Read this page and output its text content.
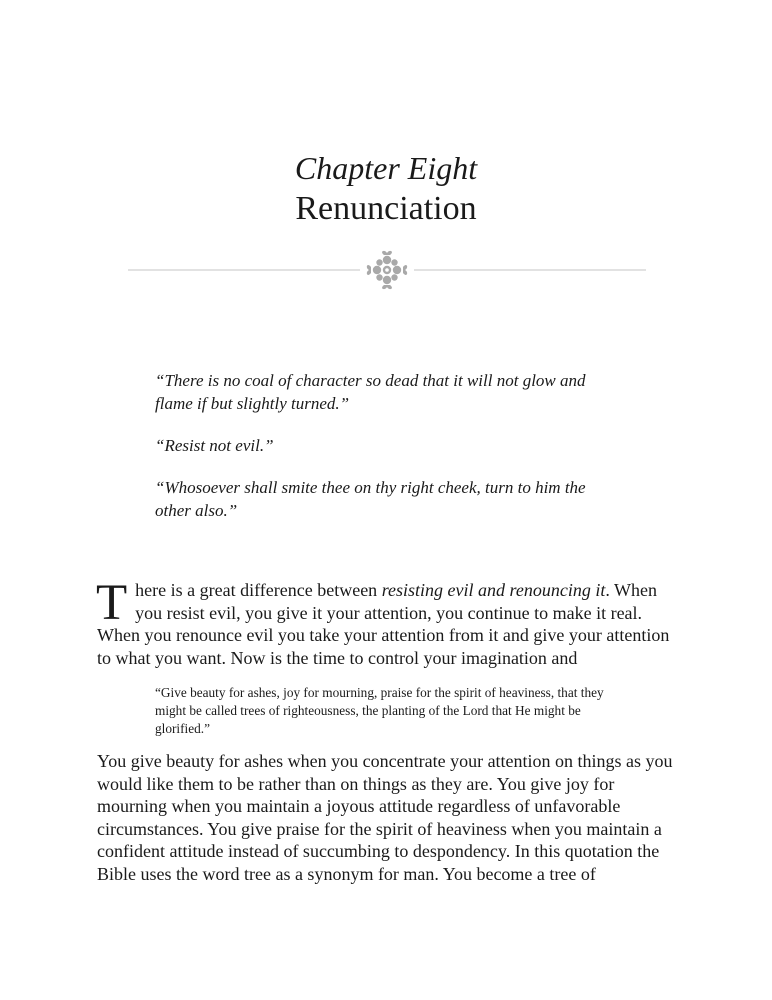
Chapter Eight
Renunciation

“There is no coal of character so dead that it will not glow and flame if but slightly turned.”

“Resist not evil.”

“Whosoever shall smite thee on thy right cheek, turn to him the other also.”

There is a great difference between resisting evil and renouncing it. When you resist evil, you give it your attention, you continue to make it real. When you renounce evil you take your attention from it and give your attention to what you want. Now is the time to control your imagination and

“Give beauty for ashes, joy for mourning, praise for the spirit of heaviness, that they might be called trees of righteousness, the planting of the Lord that He might be glorified.”

You give beauty for ashes when you concentrate your attention on things as you would like them to be rather than on things as they are. You give joy for mourning when you maintain a joyous attitude regardless of unfavorable circumstances. You give praise for the spirit of heaviness when you maintain a confident attitude instead of succumbing to despondency. In this quotation the Bible uses the word tree as a synonym for man. You become a tree of
